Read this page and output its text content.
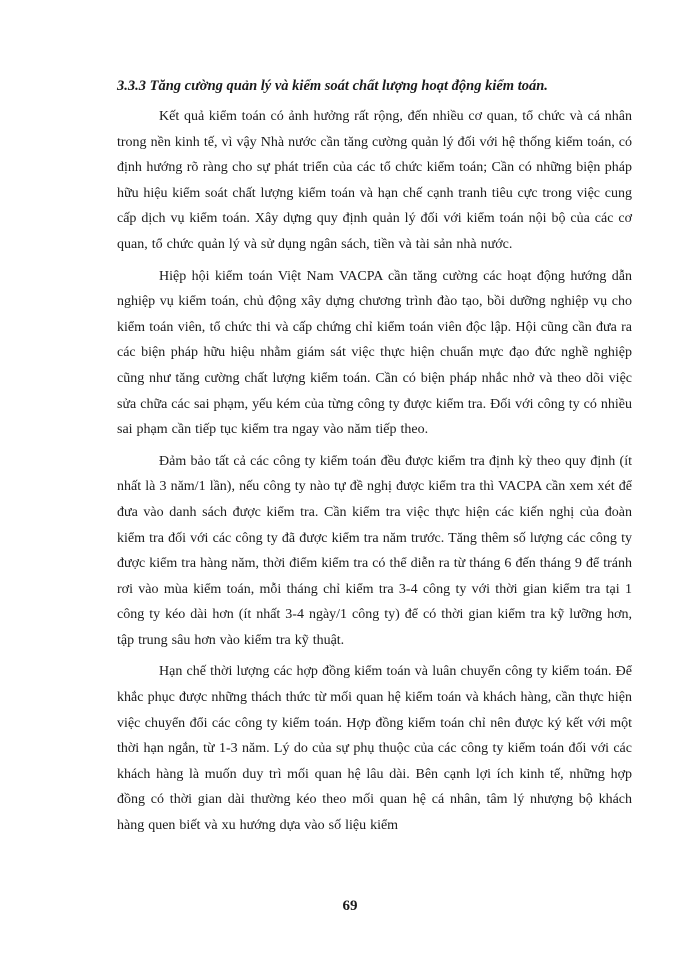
3.3.3 Tăng cường quản lý và kiểm soát chất lượng hoạt động kiểm toán.

Kết quả kiểm toán có ảnh hưởng rất rộng, đến nhiều cơ quan, tổ chức và cá nhân trong nền kinh tế, vì vậy Nhà nước cần tăng cường quản lý đối với hệ thống kiểm toán, có định hướng rõ ràng cho sự phát triển của các tổ chức kiểm toán; Cần có những biện pháp hữu hiệu kiểm soát chất lượng kiểm toán và hạn chế cạnh tranh tiêu cực trong việc cung cấp dịch vụ kiểm toán. Xây dựng quy định quản lý đối với kiểm toán nội bộ của các cơ quan, tổ chức quản lý và sử dụng ngân sách, tiền và tài sản nhà nước.

Hiệp hội kiểm toán Việt Nam VACPA cần tăng cường các hoạt động hướng dẫn nghiệp vụ kiểm toán, chủ động xây dựng chương trình đào tạo, bồi dưỡng nghiệp vụ cho kiểm toán viên, tổ chức thi và cấp chứng chỉ kiểm toán viên độc lập. Hội cũng cần đưa ra các biện pháp hữu hiệu nhằm giám sát việc thực hiện chuẩn mực đạo đức nghề nghiệp cũng như tăng cường chất lượng kiểm toán. Cần có biện pháp nhắc nhở và theo dõi việc sửa chữa các sai phạm, yếu kém của từng công ty được kiểm tra. Đối với công ty có nhiều sai phạm cần tiếp tục kiểm tra ngay vào năm tiếp theo.

Đảm bảo tất cả các công ty kiểm toán đều được kiểm tra định kỳ theo quy định (ít nhất là 3 năm/1 lần), nếu công ty nào tự đề nghị được kiểm tra thì VACPA cần xem xét để đưa vào danh sách được kiểm tra. Cần kiểm tra việc thực hiện các kiến nghị của đoàn kiểm tra đối với các công ty đã được kiểm tra năm trước. Tăng thêm số lượng các công ty được kiểm tra hàng năm, thời điểm kiểm tra có thể diễn ra từ tháng 6 đến tháng 9 để tránh rơi vào mùa kiểm toán, mỗi tháng chỉ kiểm tra 3-4 công ty với thời gian kiểm tra tại 1 công ty kéo dài hơn (ít nhất 3-4 ngày/1 công ty) để có thời gian kiểm tra kỹ lưỡng hơn, tập trung sâu hơn vào kiểm tra kỹ thuật.

Hạn chế thời lượng các hợp đồng kiểm toán và luân chuyển công ty kiểm toán. Để khắc phục được những thách thức từ mối quan hệ kiểm toán và khách hàng, cần thực hiện việc chuyển đổi các công ty kiểm toán. Hợp đồng kiểm toán chỉ nên được ký kết với một thời hạn ngắn, từ 1-3 năm. Lý do của sự phụ thuộc của các công ty kiểm toán đối với các khách hàng là muốn duy trì mối quan hệ lâu dài. Bên cạnh lợi ích kinh tế, những hợp đồng có thời gian dài thường kéo theo mối quan hệ cá nhân, tâm lý nhượng bộ khách hàng quen biết và xu hướng dựa vào số liệu kiểm

69
